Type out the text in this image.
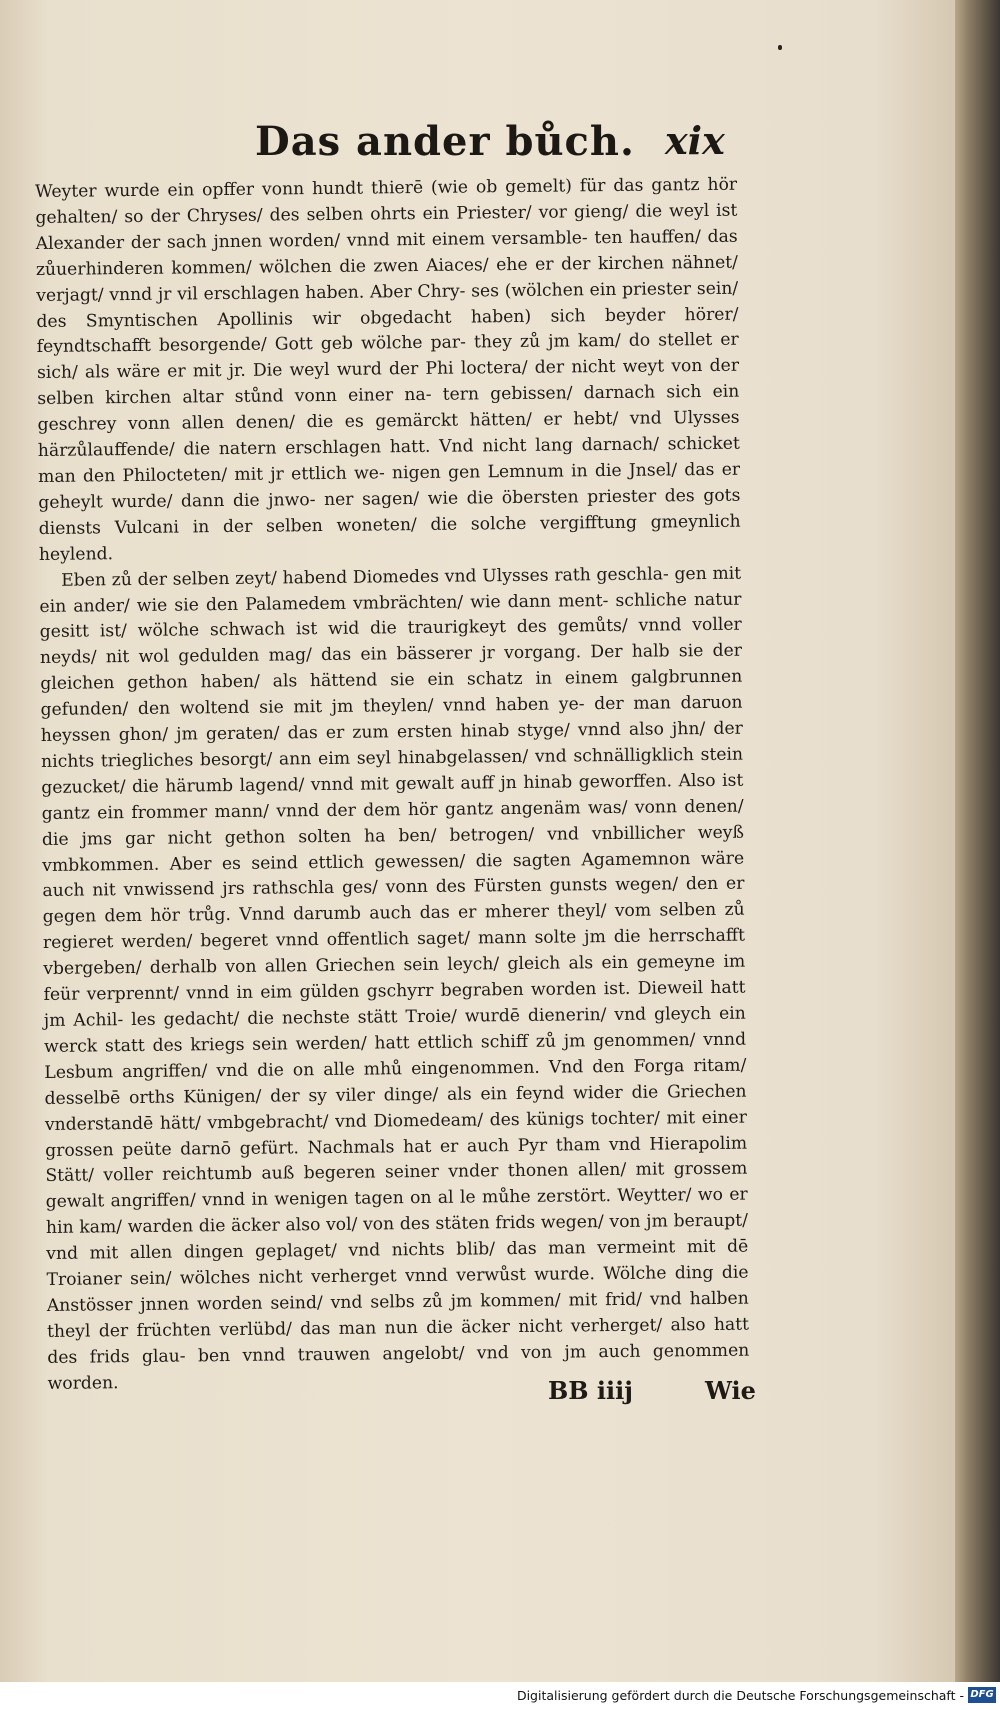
Das ander bůch. xix

Weyter wurde ein opffer vonn hundt thierē (wie ob gemelt) für das gantz hör gehalten/ so der Chryses/ des selben ohrts ein Priester/ vor gieng/ die weyl ist Alexander der sach jnnen worden/ vnnd mit einem versamble- ten hauffen/ das zůuerhinderen kommen/ wölchen die zwen Aiaces/ ehe er der kirchen nähnet/ verjagt/ vnnd jr vil erschlagen haben. Aber Chry- ses (wölchen ein priester sein/ des Smyntischen Apollinis wir obgedacht haben) sich beyder hörer/ feyndtschafft besorgende/ Gott geb wölche par- they zů jm kam/ do stellet er sich/ als wäre er mit jr. Die weyl wurd der Phi loctera/ der nicht weyt von der selben kirchen altar stůnd vonn einer na- tern gebissen/ darnach sich ein geschrey vonn allen denen/ die es gemärckt hätten/ er hebt/ vnd Ulysses härzůlauffende/ die natern erschlagen hatt. Vnd nicht lang darnach/ schicket man den Philocteten/ mit jr ettlich we- nigen gen Lemnum in die Jnsel/ das er geheylt wurde/ dann die jnwo- ner sagen/ wie die öbersten priester des gots diensts Vulcani in der selben woneten/ die solche vergifftung gmeynlich heylend.

Eben zů der selben zeyt/ habend Diomedes vnd Ulysses rath geschla- gen mit ein ander/ wie sie den Palamedem vmbrächten/ wie dann ment- schliche natur gesitt ist/ wölche schwach ist wid die traurigkeyt des gemůts/ vnnd voller neyds/ nit wol gedulden mag/ das ein bässerer jr vorgang. Der halb sie der gleichen gethon haben/ als hättend sie ein schatz in einem galgbrunnen gefunden/ den woltend sie mit jm theylen/ vnnd haben ye- der man daruon heyssen ghon/ jm geraten/ das er zum ersten hinab styge/ vnnd also jhn/ der nichts triegliches besorgt/ ann eim seyl hinabgelassen/ vnd schnälligklich stein gezucket/ die härumb lagend/ vnnd mit gewalt auff jn hinab geworffen. Also ist gantz ein frommer mann/ vnnd der dem hör gantz angenäm was/ vonn denen/ die jms gar nicht gethon solten ha ben/ betrogen/ vnd vnbillicher weyß vmbkommen. Aber es seind ettlich gewessen/ die sagten Agamemnon wäre auch nit vnwissend jrs rathschla ges/ vonn des Fürsten gunsts wegen/ den er gegen dem hör trůg. Vnnd darumb auch das er mherer theyl/ vom selben zů regieret werden/ begeret vnnd offentlich saget/ mann solte jm die herrschafft vbergeben/ derhalb von allen Griechen sein leych/ gleich als ein gemeyne im feür verprennt/ vnnd in eim gülden gschyrr begraben worden ist. Dieweil hatt jm Achil- les gedacht/ die nechste stätt Troie/ wurdē dienerin/ vnd gleych ein werck statt des kriegs sein werden/ hatt ettlich schiff zů jm genommen/ vnnd Lesbum angriffen/ vnd die on alle mhů eingenommen. Vnd den Forga ritam/ desselbē orths Künigen/ der sy viler dinge/ als ein feynd wider die Griechen vnderstandē hätt/ vmbgebracht/ vnd Diomedeam/ des künigs tochter/ mit einer grossen peüte darnō gefürt. Nachmals hat er auch Pyr tham vnd Hierapolim Stätt/ voller reichtumb auß begeren seiner vnder thonen allen/ mit grossem gewalt angriffen/ vnnd in wenigen tagen on al le můhe zerstört. Weytter/ wo er hin kam/ warden die äcker also vol/ von des stäten frids wegen/ von jm beraupt/ vnd mit allen dingen geplaget/ vnd nichts blib/ das man vermeint mit dē Troianer sein/ wölches nicht verherget vnnd verwůst wurde. Wölche ding die Anstösser jnnen worden seind/ vnd selbs zů jm kommen/ mit frid/ vnd halben theyl der früchten verlübd/ das man nun die äcker nicht verherget/ also hatt des frids glau- ben vnnd trauwen angelobt/ vnd von jm auch genommen worden.	BB iiij	Wie
Digitalisierung gefördert durch die Deutsche Forschungsgemeinschaft - DFG
